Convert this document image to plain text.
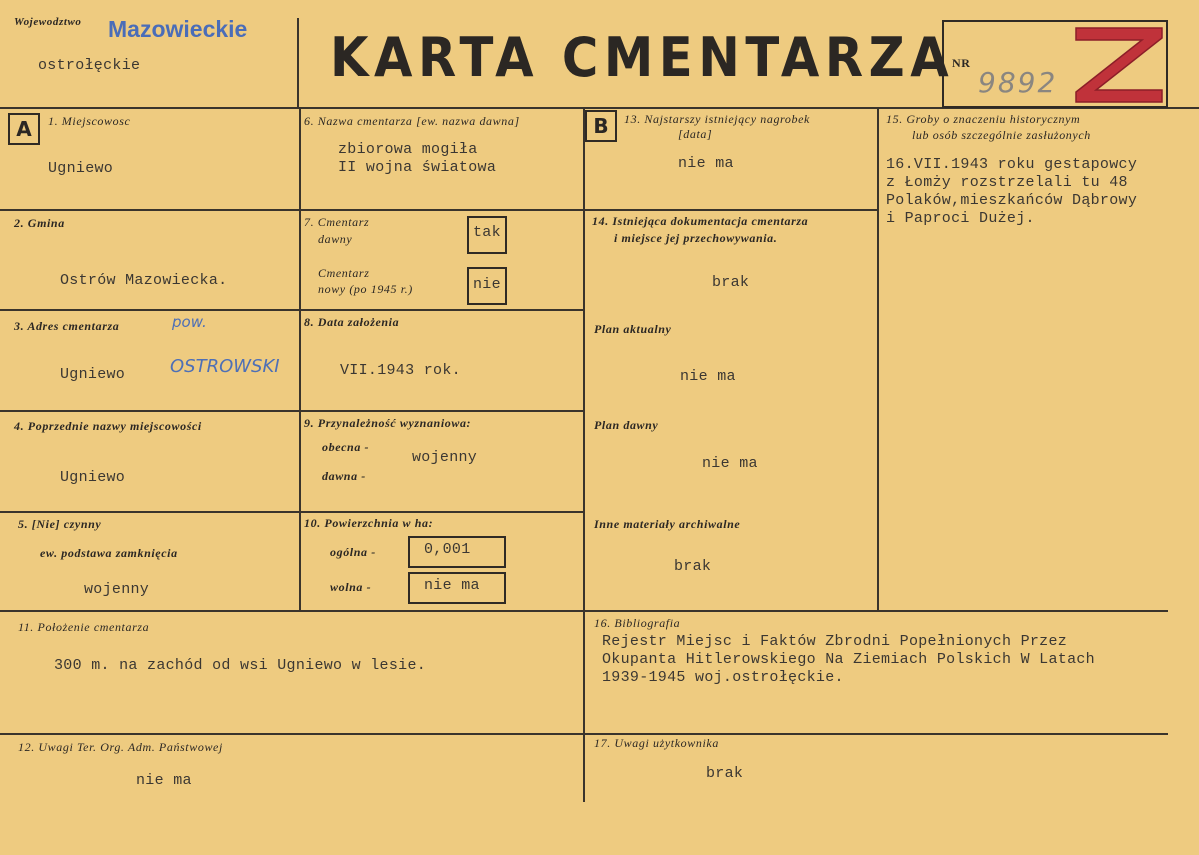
Wojewodztwo Mazowieckie
ostrołęckie	KARTA CMENTARZA
NR
9892
A	B
1. Miejscowosc
Ugniewo
2. Gmina
Ostrów Mazowiecka.
3. Adres cmentarza	pow.
Ugniewo OSTROWSKI
4. Poprzednie nazwy miejscowości
Ugniewo
5. [Nie] czynny
ew. podstawa zamknięcia
wojenny
6. Nazwa cmentarza [ew. nazwa dawna]
zbiorowa mogiła
II wojna światowa
7. Cmentarz
dawny	tak
Cmentarz
nowy (po 1945 r.)	nie
8. Data założenia
VII.1943 rok.
9. Przynależność wyznaniowa:
obecna -
wojenny
dawna -
10. Powierzchnia w ha:
ogólna -	0,001
wolna -	nie ma
13. Najstarszy istniejący nagrobek
[data]
nie ma
14. Istniejąca dokumentacja cmentarza
i miejsce jej przechowywania.
brak
Plan aktualny
nie ma
Plan dawny
nie ma
Inne materiały archiwalne
brak
15. Groby o znaczeniu historycznym
lub osób szczególnie zasłużonych
16.VII.1943 roku gestapowcy
z Łomży rozstrzelali tu 48
Polaków,mieszkańców Dąbrowy
i Paproci Dużej.
11. Położenie cmentarza
300 m. na zachód od wsi Ugniewo w lesie.
16. Bibliografia
Rejestr Miejsc i Faktów Zbrodni Popełnionych Przez
Okupanta Hitlerowskiego Na Ziemiach Polskich W Latach
1939-1945 woj.ostrołęckie.
12. Uwagi Ter. Org. Adm. Państwowej
nie ma
17. Uwagi użytkownika
brak
